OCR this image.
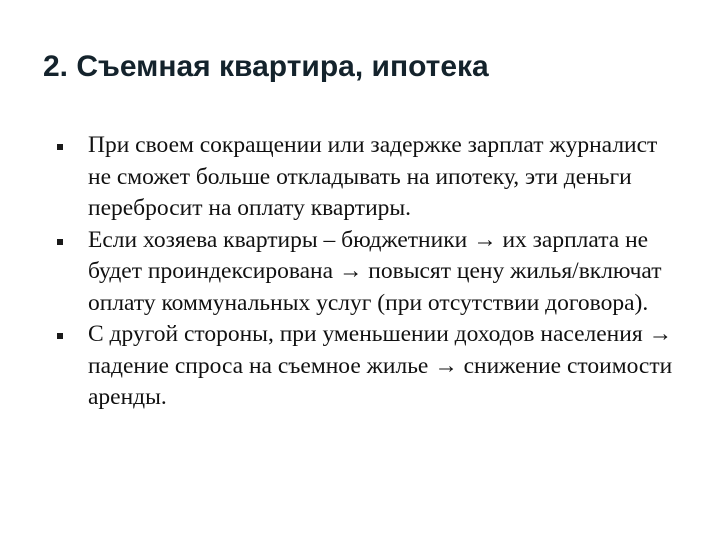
2. Съемная квартира, ипотека
При своем сокращении или задержке зарплат журналист не сможет больше откладывать на ипотеку, эти деньги перебросит на оплату квартиры.
Если хозяева квартиры – бюджетники → их зарплата не будет проиндексирована → повысят цену жилья/включат оплату коммунальных услуг (при отсутствии договора).
С другой стороны, при уменьшении доходов населения → падение спроса на съемное жилье → снижение стоимости аренды.
